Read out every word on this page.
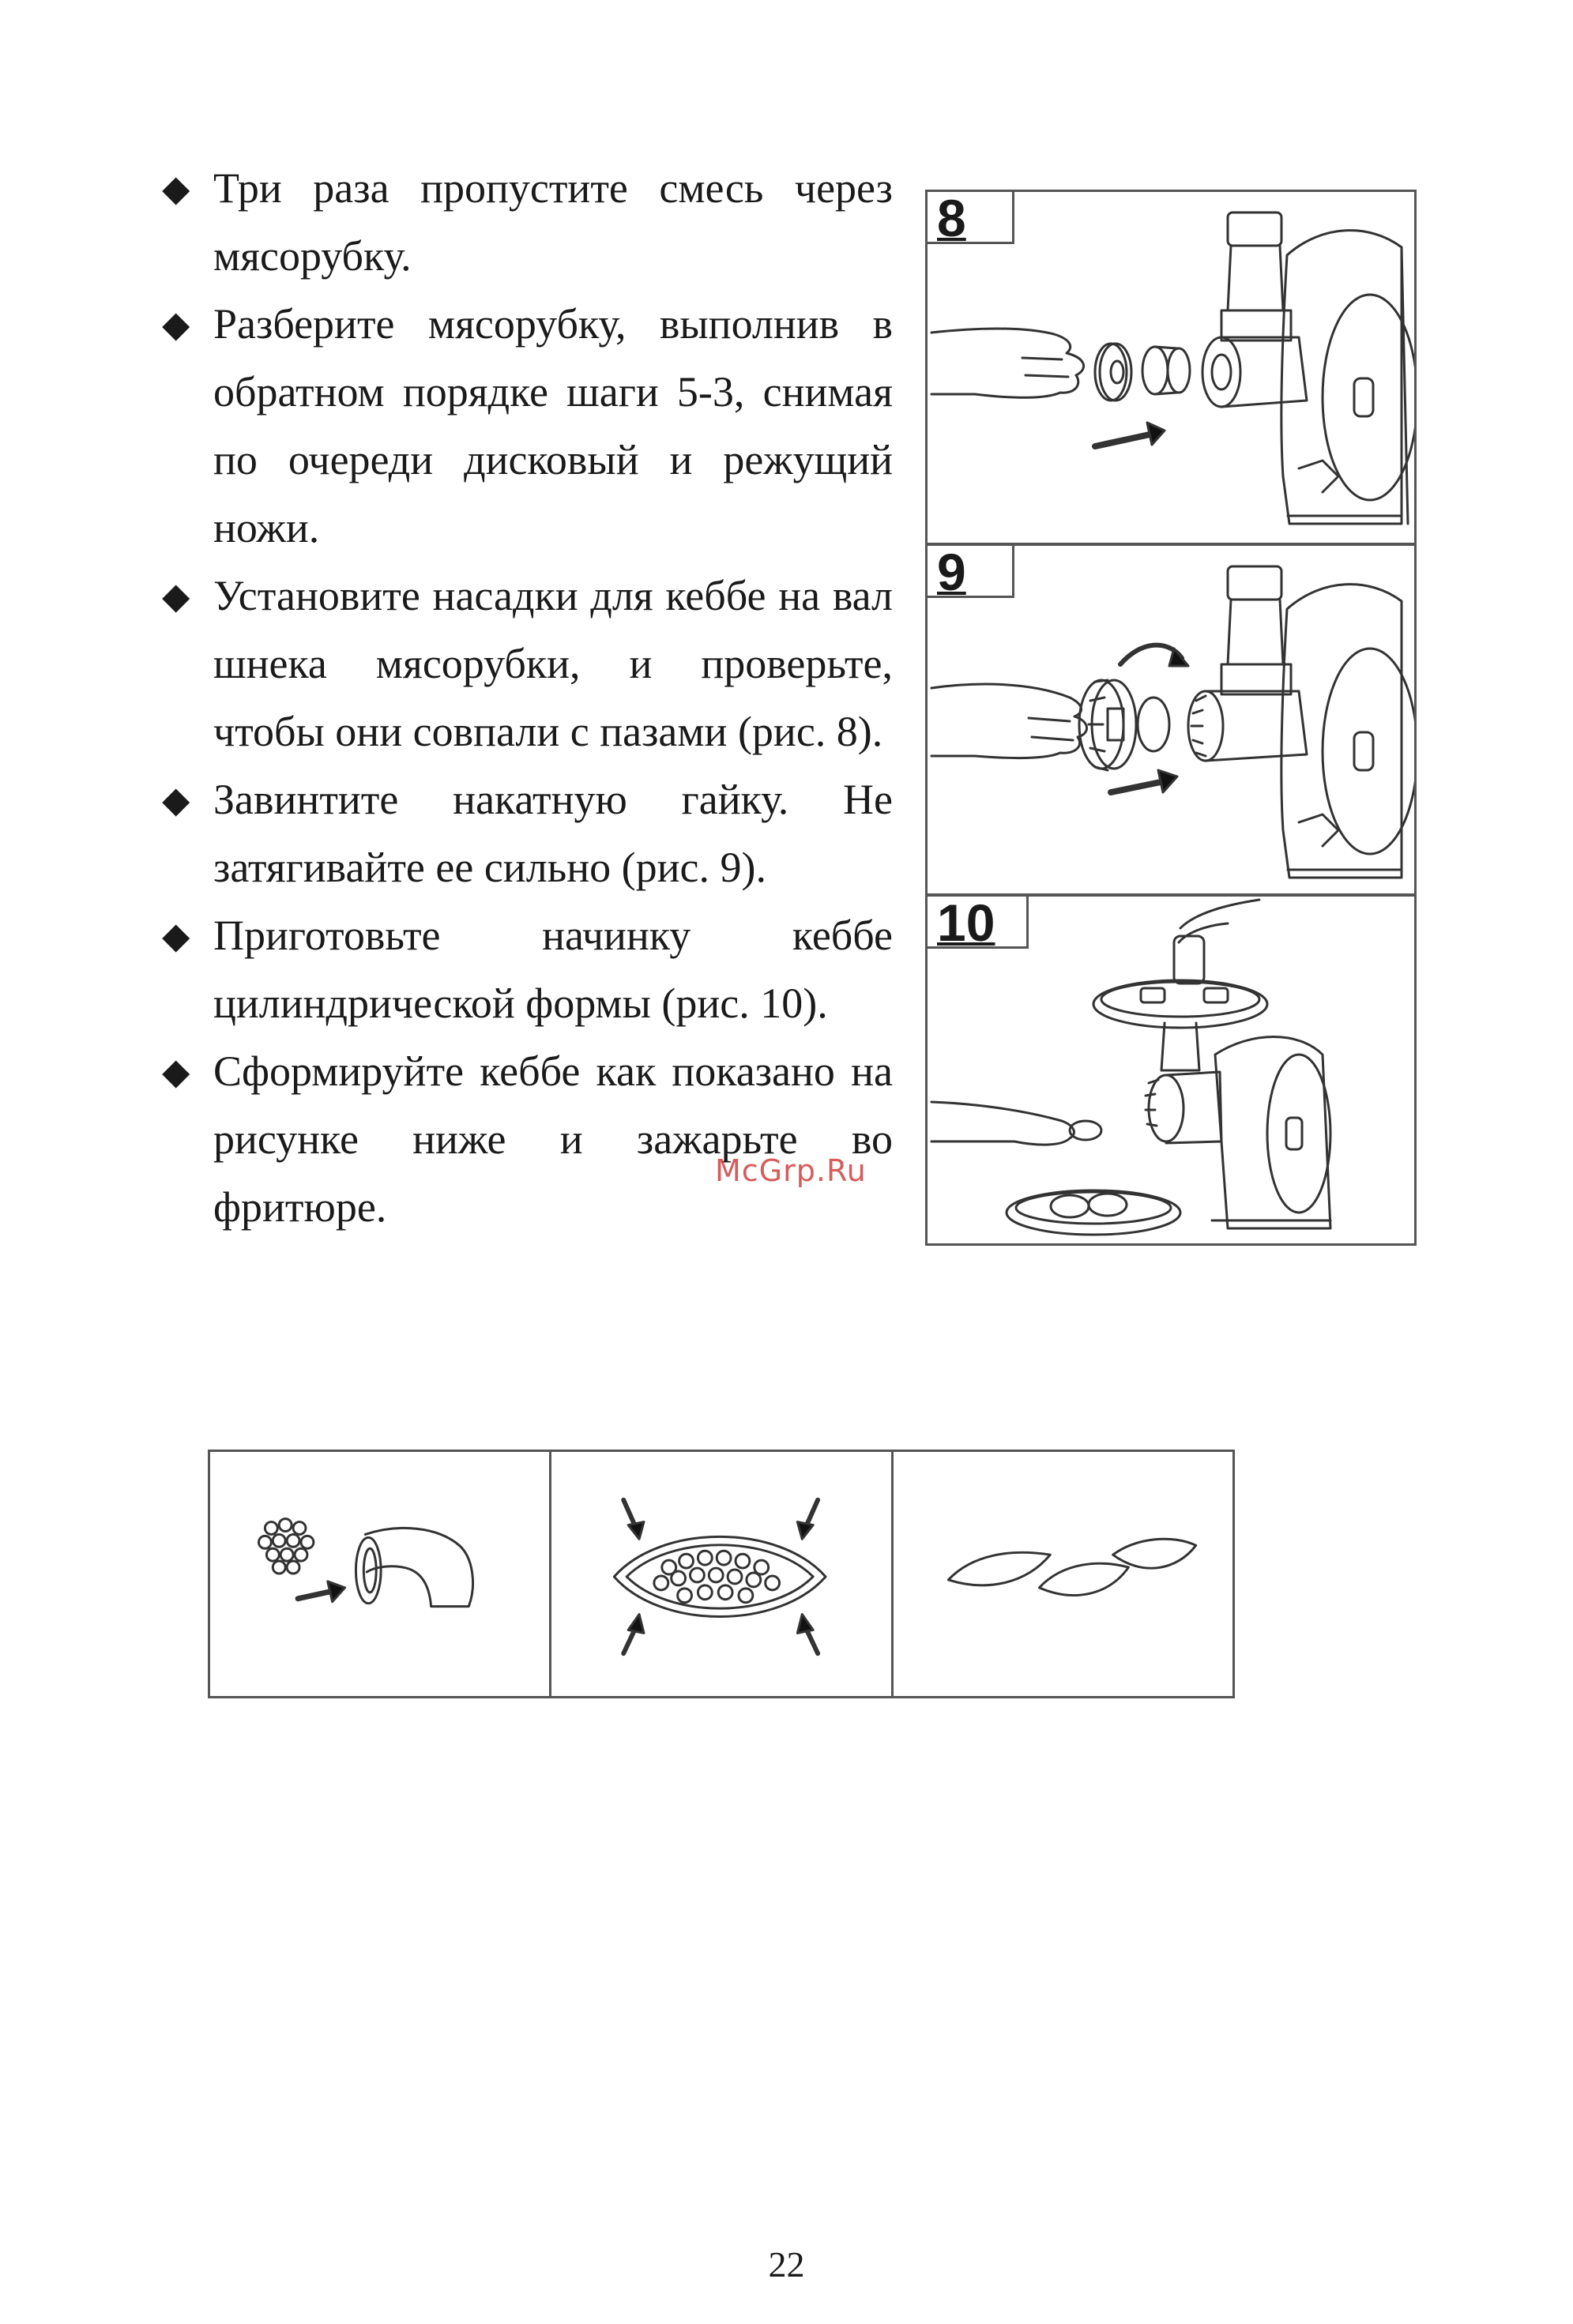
◆ Три раза пропустите смесь через мясорубку.
◆ Разберите мясорубку, выполнив в обратном порядке шаги 5-3, снимая по очереди дисковый и режущий ножи.
◆ Установите насадки для кеббе на вал шнека мясорубки, и проверьте, чтобы они совпали с пазами (рис. 8).
◆ Завинтите накатную гайку. Не затягивайте ее сильно (рис. 9).
◆ Приготовьте начинку кеббе цилиндрической формы (рис. 10).
◆ Сформируйте кеббе как показано на рисунке ниже и зажарьте во фритюре.
8
9
10
McGrp.Ru
22
